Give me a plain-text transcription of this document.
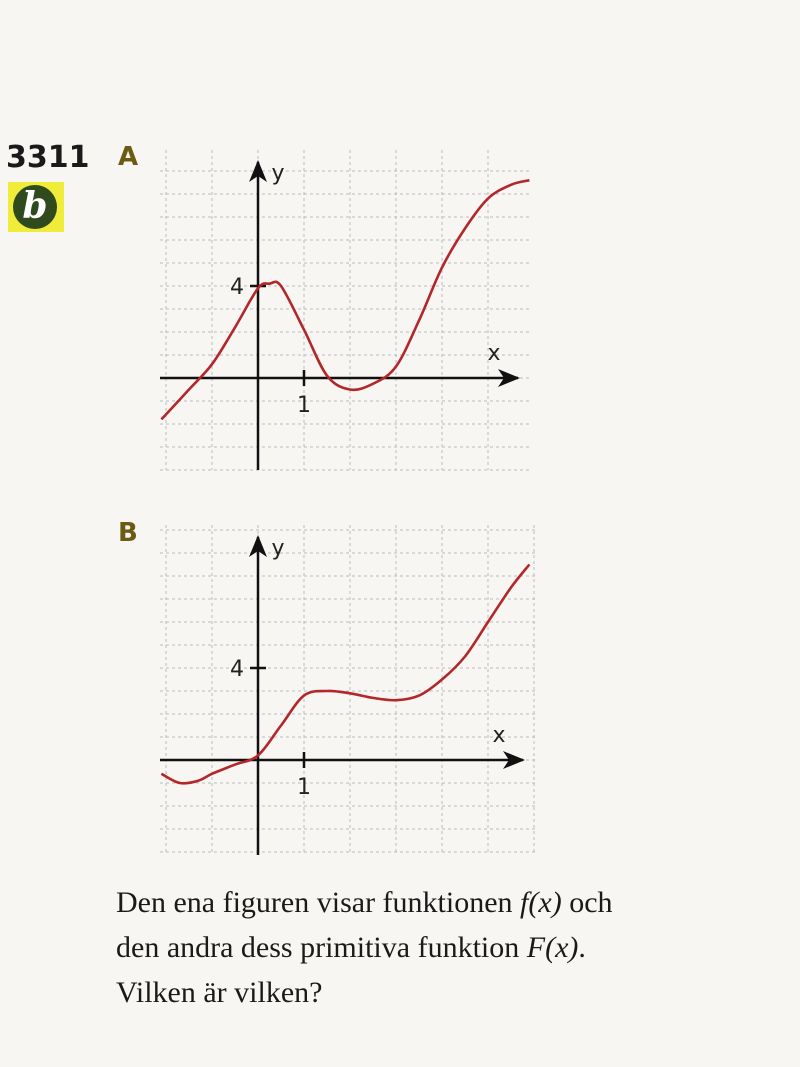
3311
b
A
1
4
x
y
B
1
4
x
y
Den ena figuren visar funktionen f(x) och
den andra dess primitiva funktion F(x).
Vilken är vilken?
